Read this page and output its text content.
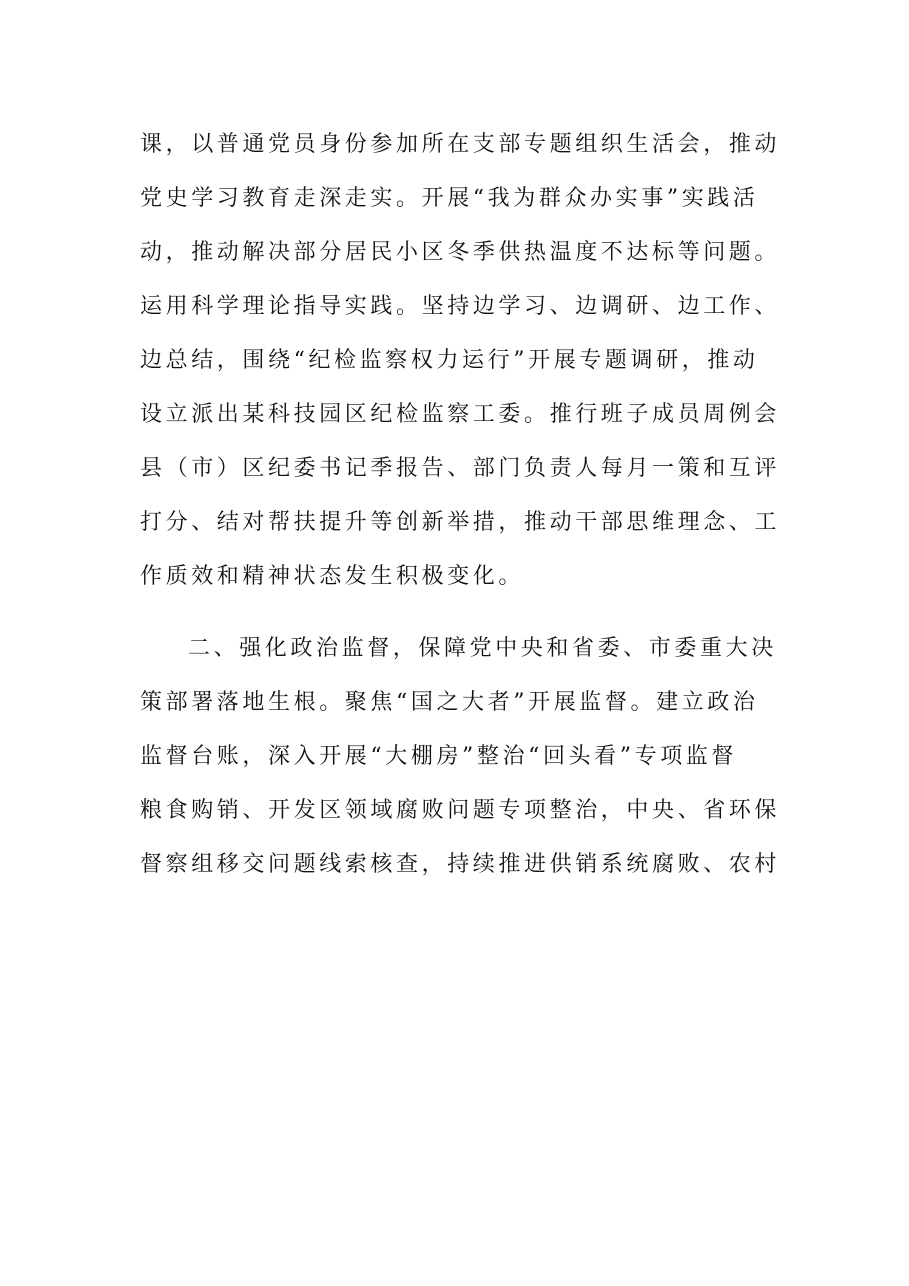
课，以普通党员身份参加所在支部专题组织生活会，推动
党史学习教育走深走实。开展“我为群众办实事”实践活
动，推动解决部分居民小区冬季供热温度不达标等问题。
运用科学理论指导实践。坚持边学习、边调研、边工作、
边总结，围绕“纪检监察权力运行”开展专题调研，推动
设立派出某科技园区纪检监察工委。推行班子成员周例会
县（市）区纪委书记季报告、部门负责人每月一策和互评
打分、结对帮扶提升等创新举措，推动干部思维理念、工
作质效和精神状态发生积极变化。
二、强化政治监督，保障党中央和省委、市委重大决
策部署落地生根。聚焦“国之大者”开展监督。建立政治
监督台账，深入开展“大棚房”整治“回头看”专项监督
粮食购销、开发区领域腐败问题专项整治，中央、省环保
督察组移交问题线索核查，持续推进供销系统腐败、农村
